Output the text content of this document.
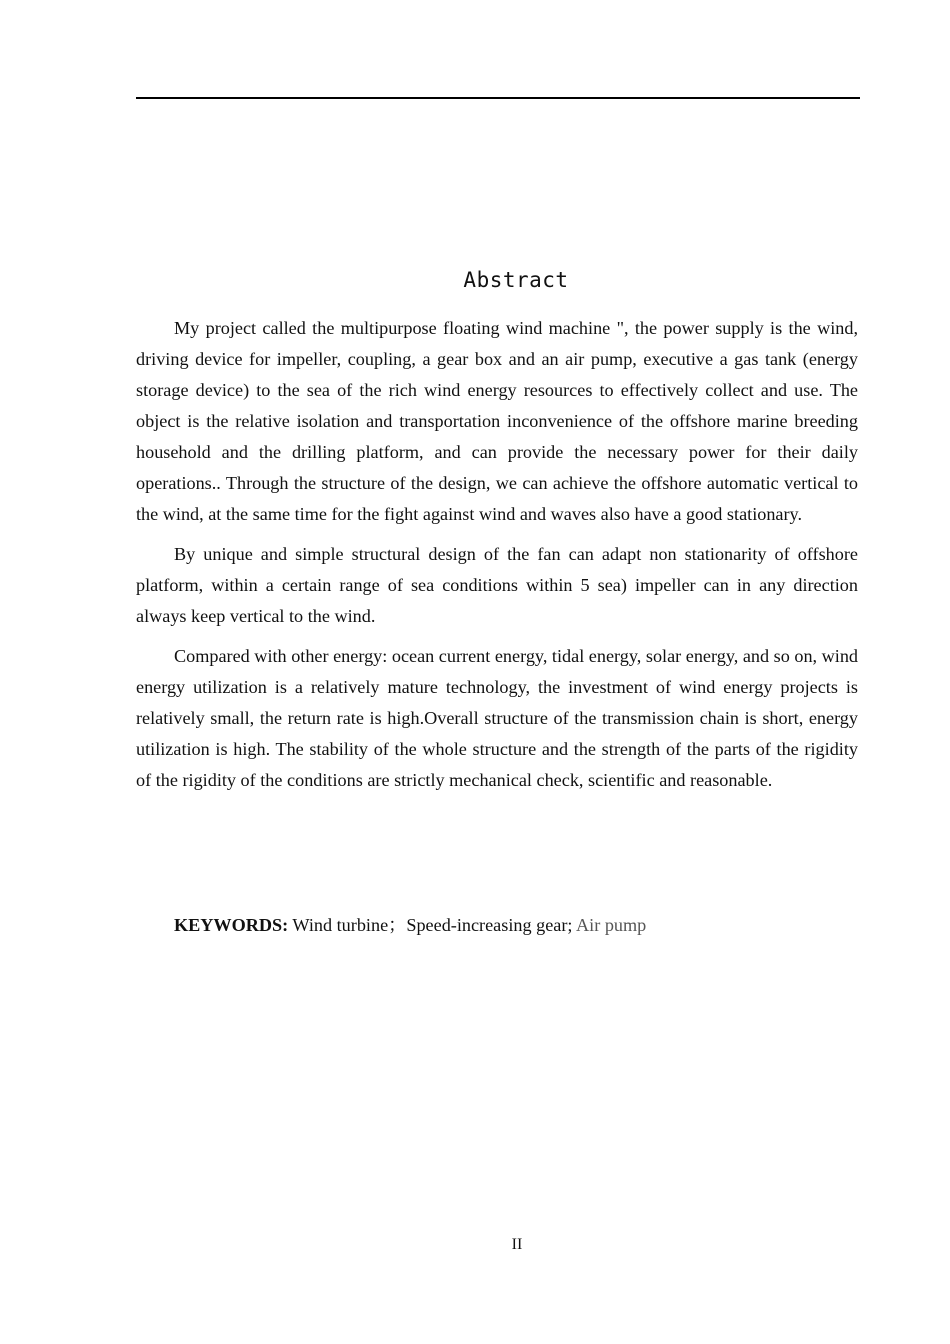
Abstract

My project called the multipurpose floating wind machine ", the power supply is the wind, driving device for impeller, coupling, a gear box and an air pump, executive a gas tank (energy storage device) to the sea of the rich wind energy resources to effectively collect and use. The object is the relative isolation and transportation inconvenience of the offshore marine breeding household and the drilling platform, and can provide the necessary power for their daily operations.. Through the structure of the design, we can achieve the offshore automatic vertical to the wind, at the same time for the fight against wind and waves also have a good stationary.

By unique and simple structural design of the fan can adapt non stationarity of offshore platform, within a certain range of sea conditions within 5 sea) impeller can in any direction always keep vertical to the wind.

Compared with other energy: ocean current energy, tidal energy, solar energy, and so on, wind energy utilization is a relatively mature technology, the investment of wind energy projects is relatively small, the return rate is high.Overall structure of the transmission chain is short, energy utilization is high. The stability of the whole structure and the strength of the parts of the rigidity of the rigidity of the conditions are strictly mechanical check, scientific and reasonable.

KEYWORDS: Wind turbine；Speed-increasing gear; Air pump
II
